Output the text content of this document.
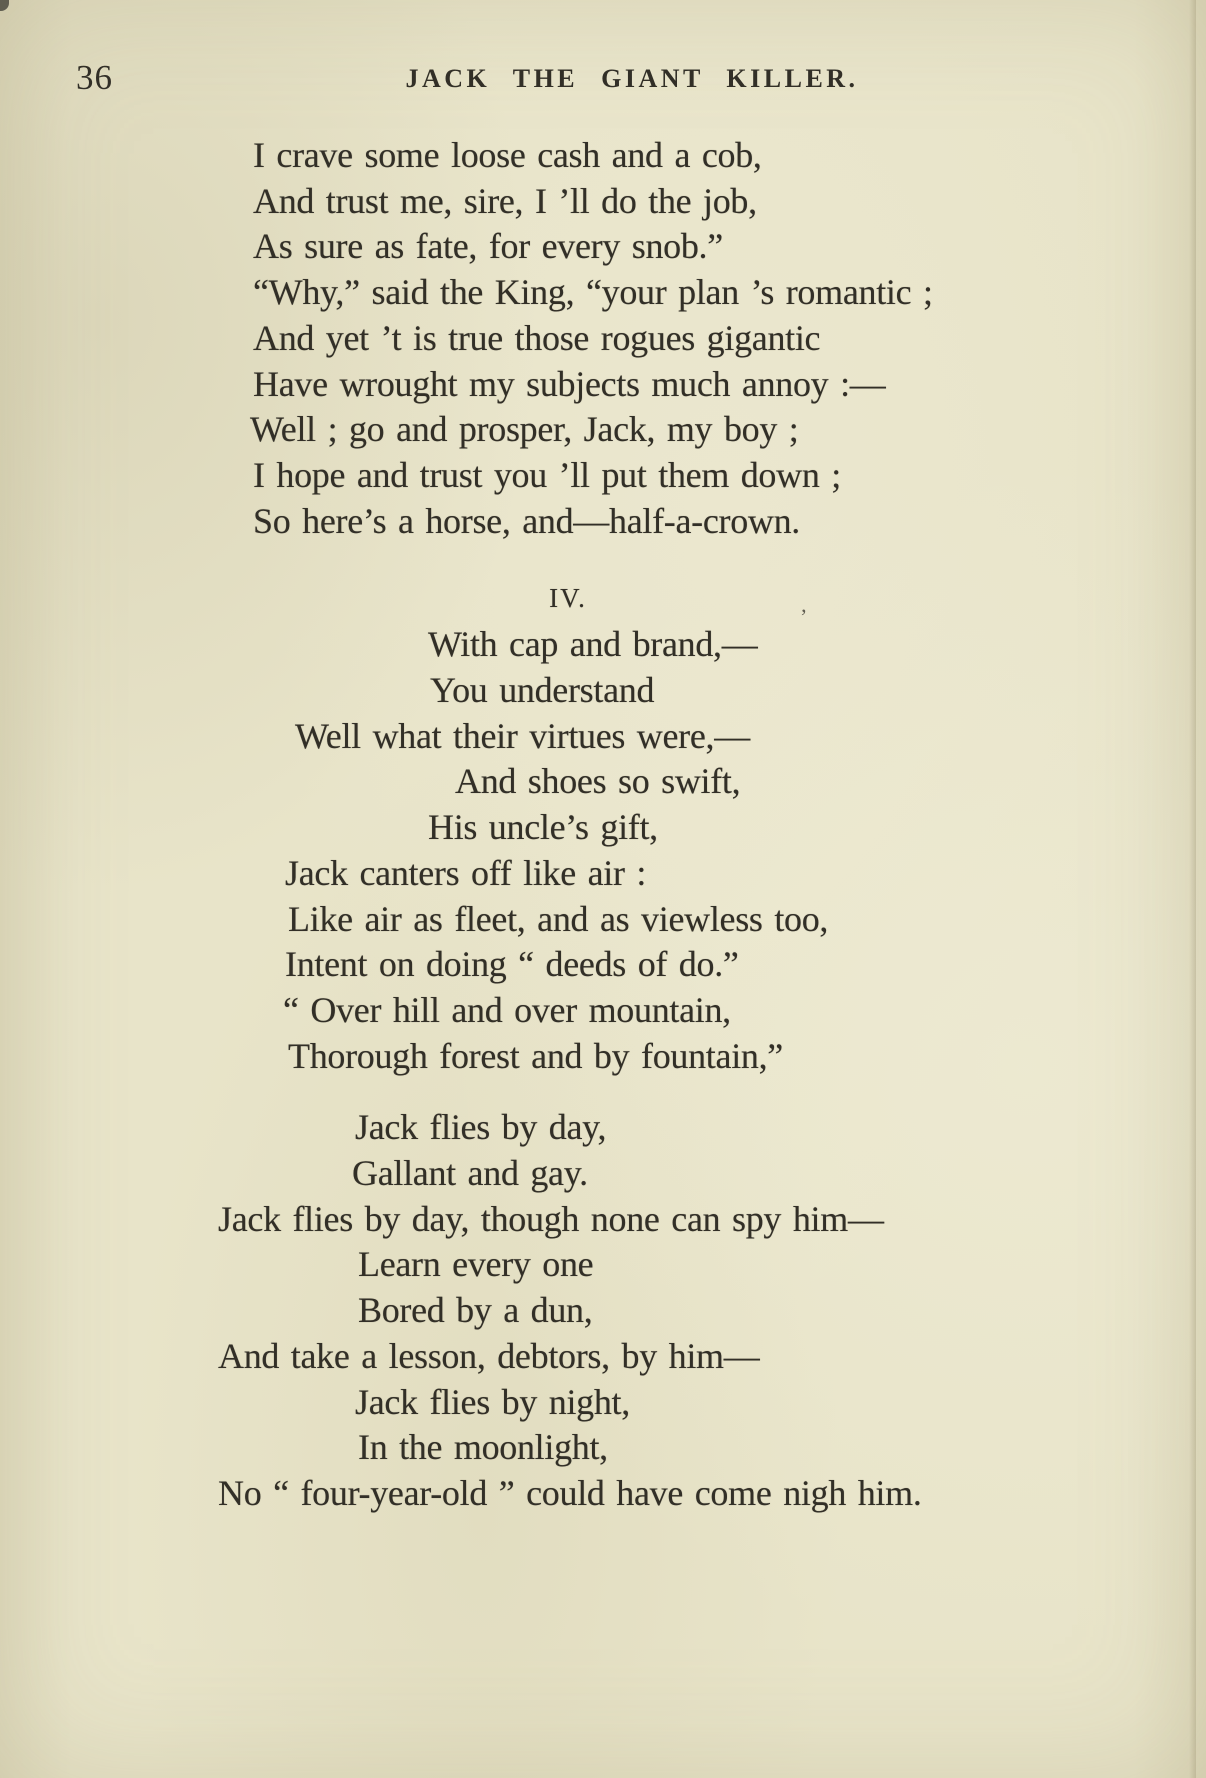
36	JACK THE GIANT KILLER.
I crave some loose cash and a cob,
And trust me, sire, I ’ll do the job,
As sure as fate, for every snob.”
“Why,” said the King, “your plan ’s romantic ;
And yet ’t is true those rogues gigantic
Have wrought my subjects much annoy :—
Well ; go and prosper, Jack, my boy ;
I hope and trust you ’ll put them down ;
So here’s a horse, and—half-a-crown.
IV.
With cap and brand,—
You understand
Well what their virtues were,—
And shoes so swift,
His uncle’s gift,
Jack canters off like air :
Like air as fleet, and as viewless too,
Intent on doing “ deeds of do.”
“ Over hill and over mountain,
Thorough forest and by fountain,”
Jack flies by day,
Gallant and gay.
Jack flies by day, though none can spy him—
Learn every one
Bored by a dun,
And take a lesson, debtors, by him—
Jack flies by night,
In the moonlight,
No “ four-year-old ” could have come nigh him.
’
